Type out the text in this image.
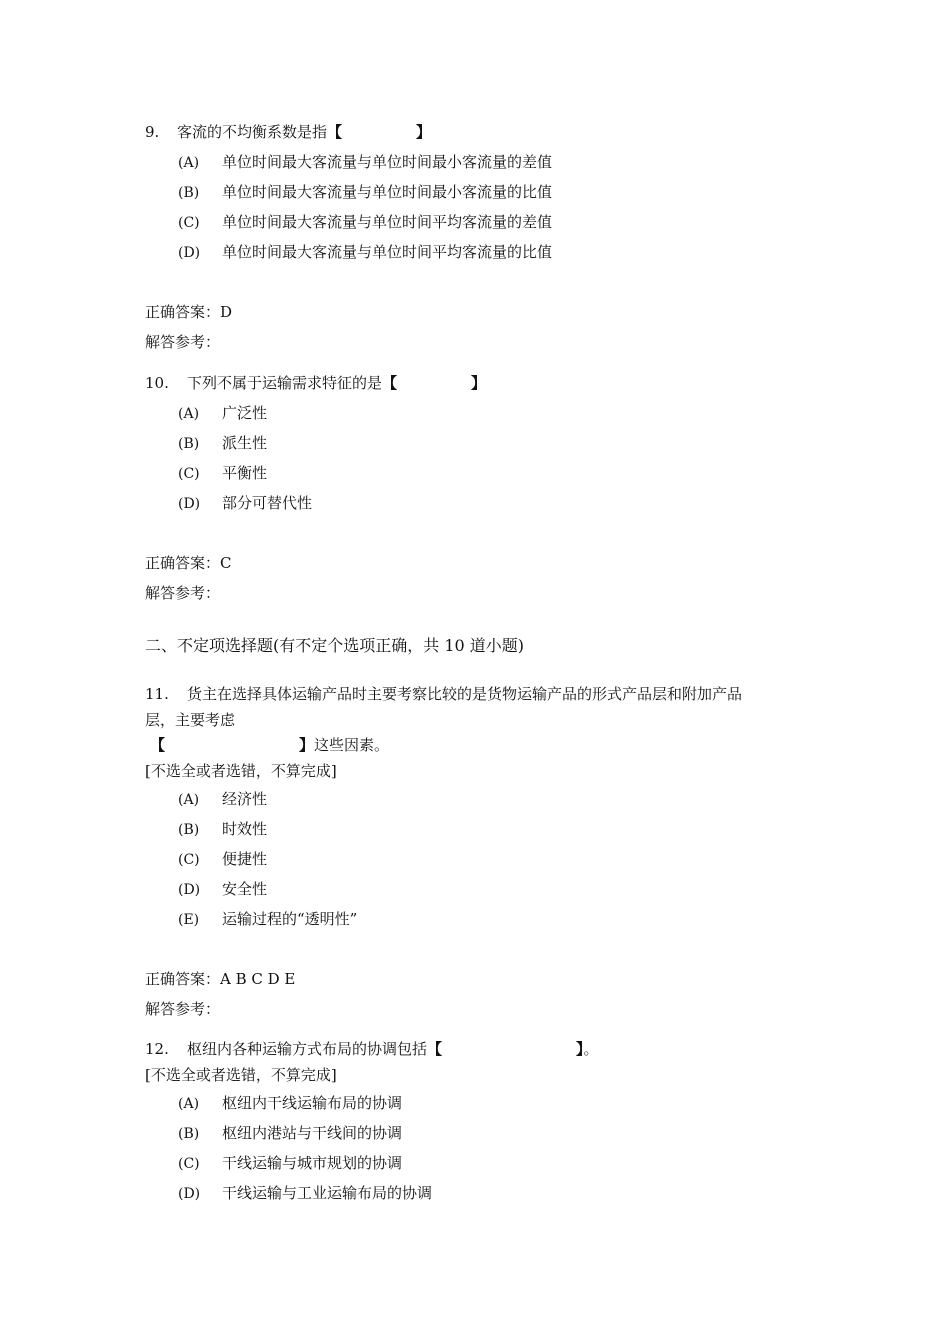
9. 客流的不均衡系数是指【	】
(A) 单位时间最大客流量与单位时间最小客流量的差值
(B) 单位时间最大客流量与单位时间最小客流量的比值
(C) 单位时间最大客流量与单位时间平均客流量的差值
(D) 单位时间最大客流量与单位时间平均客流量的比值
正确答案：D
解答参考：
10. 下列不属于运输需求特征的是【	】
(A) 广泛性
(B) 派生性
(C) 平衡性
(D) 部分可替代性
正确答案：C
解答参考：
二、不定项选择题(有不定个选项正确，共 10 道小题)
11. 货主在选择具体运输产品时主要考察比较的是货物运输产品的形式产品层和附加产品
层，主要考虑
【	】这些因素。
[不选全或者选错，不算完成]
(A) 经济性
(B) 时效性
(C) 便捷性
(D) 安全性
(E) 运输过程的“透明性”
正确答案：A B C D E
解答参考：
12. 枢纽内各种运输方式布局的协调包括【	】。
[不选全或者选错，不算完成]
(A) 枢纽内干线运输布局的协调
(B) 枢纽内港站与干线间的协调
(C) 干线运输与城市规划的协调
(D) 干线运输与工业运输布局的协调
